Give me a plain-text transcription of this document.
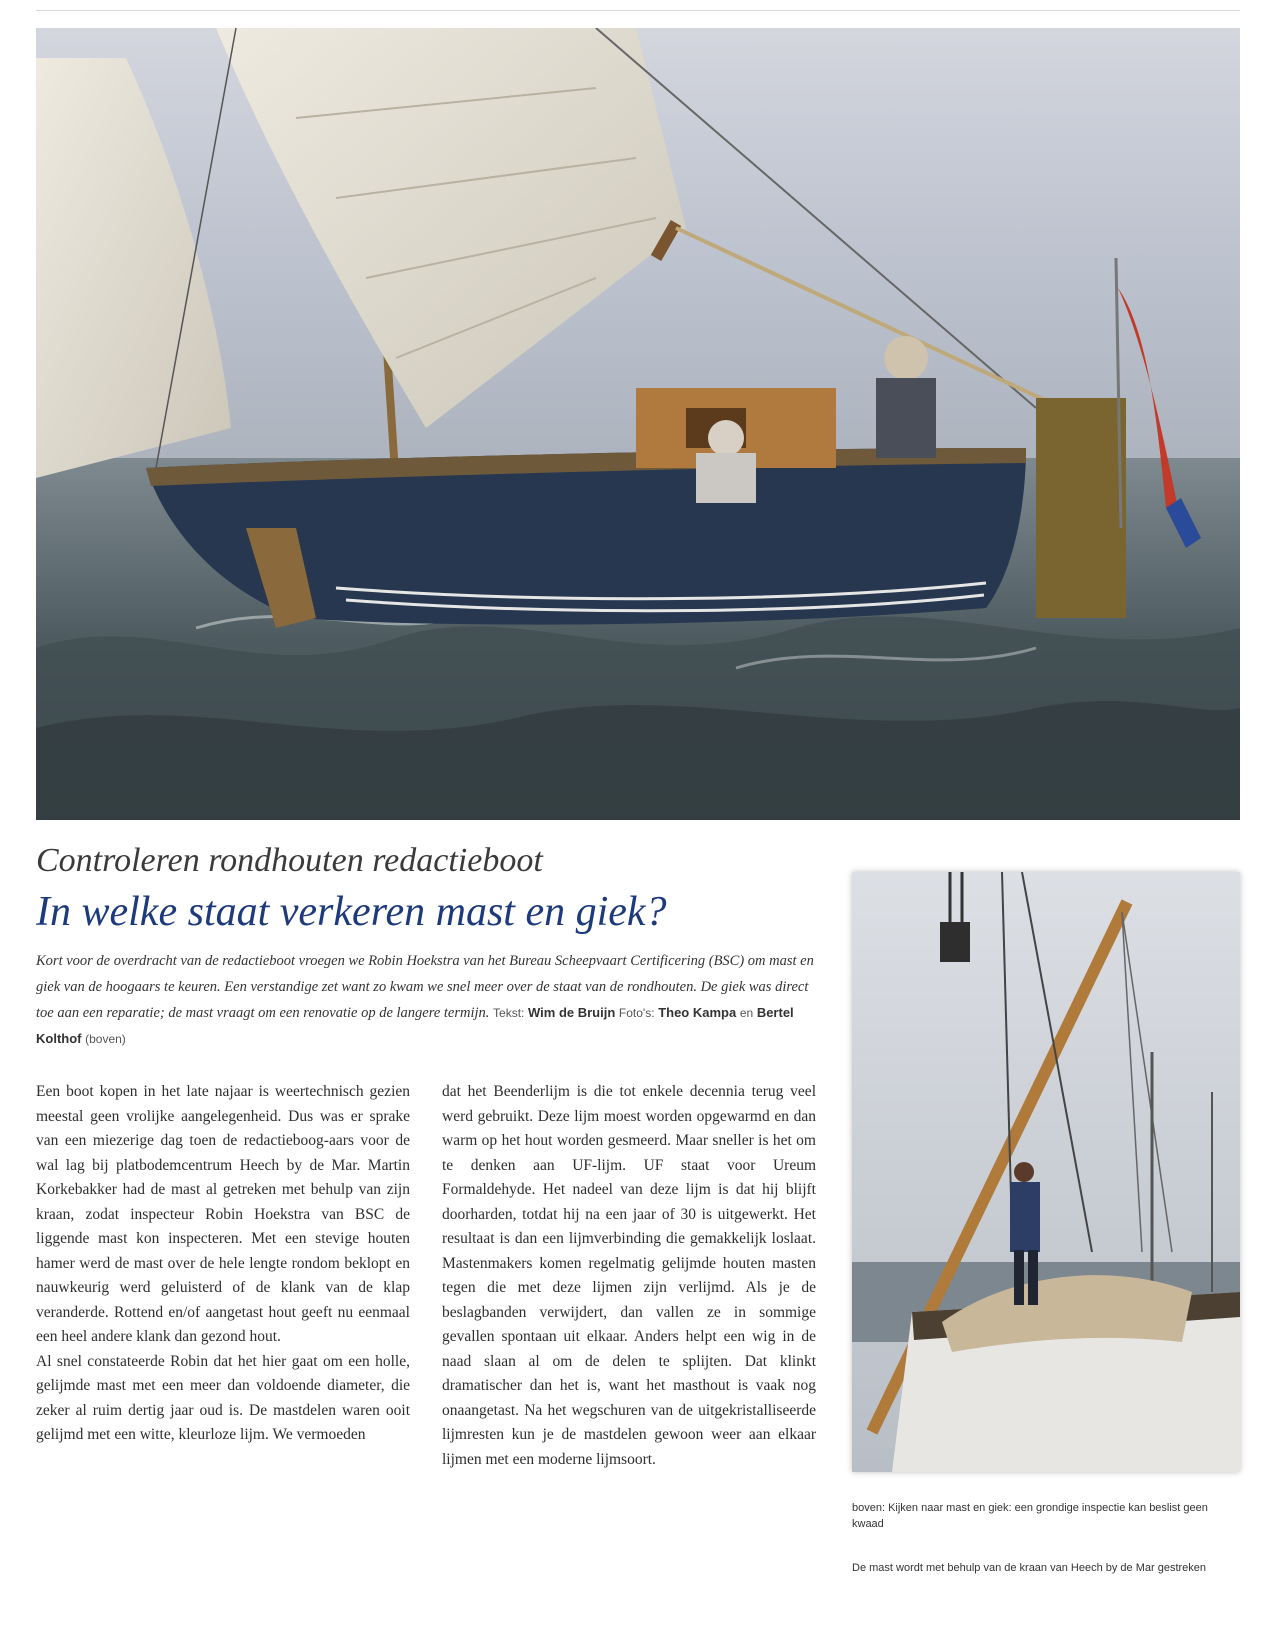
Controleren rondhouten redactieboot
In welke staat verkeren mast en giek?
Kort voor de overdracht van de redactieboot vroegen we Robin Hoekstra van het Bureau Scheepvaart Certificering (BSC) om mast en giek van de hoogaars te keuren. Een verstandige zet want zo kwam we snel meer over de staat van de rondhouten. De giek was direct toe aan een reparatie; de mast vraagt om een renovatie op de langere termijn. Tekst: Wim de Bruijn Foto's: Theo Kampa en Bertel Kolthof (boven)

Een boot kopen in het late najaar is weertechnisch gezien meestal geen vrolijke aangelegenheid. Dus was er sprake van een miezerige dag toen de redactieboog-aars voor de wal lag bij platbodemcentrum Heech by de Mar. Martin Korkebakker had de mast al getreken met behulp van zijn kraan, zodat inspecteur Robin Hoekstra van BSC de liggende mast kon inspecteren. Met een stevige houten hamer werd de mast over de hele lengte rondom beklopt en nauwkeurig werd geluisterd of de klank van de klap veranderde. Rottend en/of aangetast hout geeft nu eenmaal een heel andere klank dan gezond hout.

Al snel constateerde Robin dat het hier gaat om een holle, gelijmde mast met een meer dan voldoende diameter, die zeker al ruim dertig jaar oud is. De mastdelen waren ooit gelijmd met een witte, kleurloze lijm. We vermoeden

dat het Beenderlijm is die tot enkele decennia terug veel werd gebruikt. Deze lijm moest worden opgewarmd en dan warm op het hout worden gesmeerd. Maar sneller is het om te denken aan UF-lijm. UF staat voor Ureum Formaldehyde. Het nadeel van deze lijm is dat hij blijft doorharden, totdat hij na een jaar of 30 is uitgewerkt. Het resultaat is dan een lijmverbinding die gemakkelijk loslaat. Mastenmakers komen regelmatig gelijmde houten masten tegen die met deze lijmen zijn verlijmd. Als je de beslagbanden verwijdert, dan vallen ze in sommige gevallen spontaan uit elkaar. Anders helpt een wig in de naad slaan al om de delen te splijten. Dat klinkt dramatischer dan het is, want het masthout is vaak nog onaangetast. Na het wegschuren van de uitgekristalliseerde lijmresten kun je de mastdelen gewoon weer aan elkaar lijmen met een moderne lijmsoort.

boven: Kijken naar mast en giek: een grondige inspectie kan beslist geen kwaad
De mast wordt met behulp van de kraan van Heech by de Mar gestreken
